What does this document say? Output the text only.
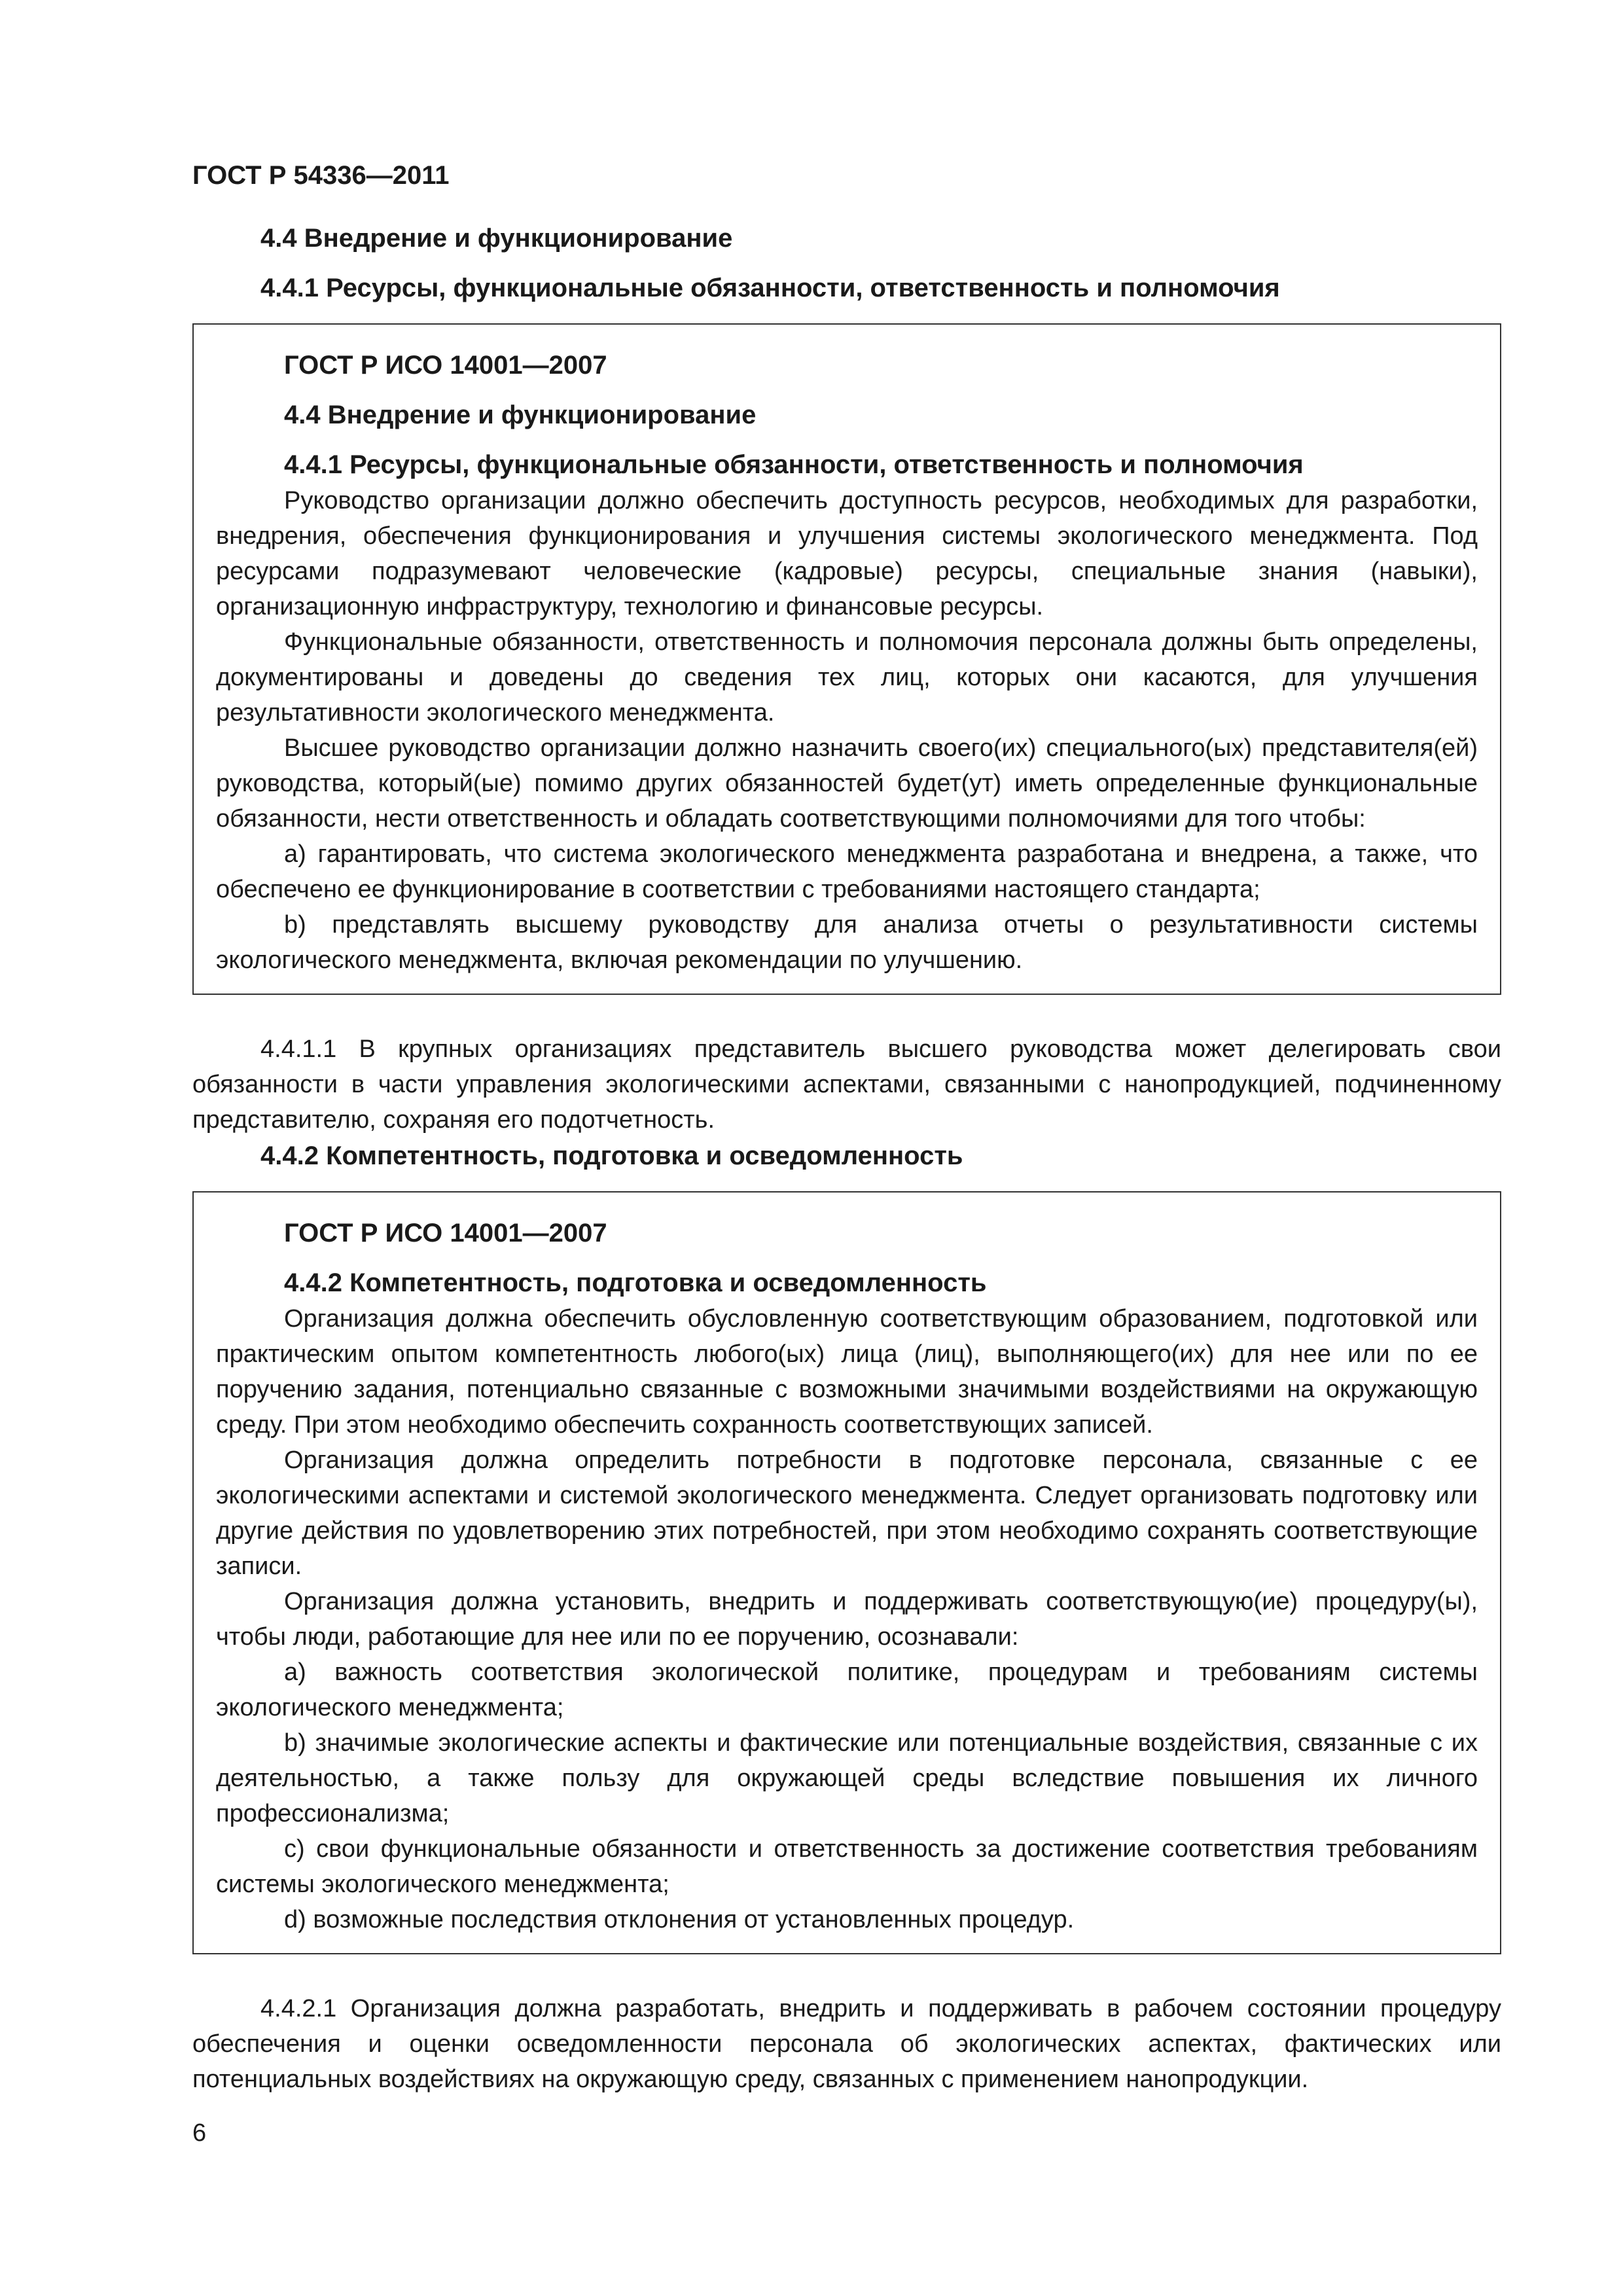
ГОСТ Р 54336—2011
4.4 Внедрение и функционирование
4.4.1 Ресурсы, функциональные обязанности, ответственность и полномочия
ГОСТ Р ИСО 14001—2007
4.4 Внедрение и функционирование
4.4.1 Ресурсы, функциональные обязанности, ответственность и полномочия

Руководство организации должно обеспечить доступность ресурсов, необходимых для разработки, внедрения, обеспечения функционирования и улучшения системы экологического менеджмента. Под ресурсами подразумевают человеческие (кадровые) ресурсы, специальные знания (навыки), организационную инфраструктуру, технологию и финансовые ресурсы.

Функциональные обязанности, ответственность и полномочия персонала должны быть определены, документированы и доведены до сведения тех лиц, которых они касаются, для улучшения результативности экологического менеджмента.

Высшее руководство организации должно назначить своего(их) специального(ых) представителя(ей) руководства, который(ые) помимо других обязанностей будет(ут) иметь определенные функциональные обязанности, нести ответственность и обладать соответствующими полномочиями для того чтобы:

a) гарантировать, что система экологического менеджмента разработана и внедрена, а также, что обеспечено ее функционирование в соответствии с требованиями настоящего стандарта;

b) представлять высшему руководству для анализа отчеты о результативности системы экологического менеджмента, включая рекомендации по улучшению.

4.4.1.1 В крупных организациях представитель высшего руководства может делегировать свои обязанности в части управления экологическими аспектами, связанными с нанопродукцией, подчиненному представителю, сохраняя его подотчетность.

4.4.2 Компетентность, подготовка и осведомленность
ГОСТ Р ИСО 14001—2007
4.4.2 Компетентность, подготовка и осведомленность

Организация должна обеспечить обусловленную соответствующим образованием, подготовкой или практическим опытом компетентность любого(ых) лица (лиц), выполняющего(их) для нее или по ее поручению задания, потенциально связанные с возможными значимыми воздействиями на окружающую среду. При этом необходимо обеспечить сохранность соответствующих записей.

Организация должна определить потребности в подготовке персонала, связанные с ее экологическими аспектами и системой экологического менеджмента. Следует организовать подготовку или другие действия по удовлетворению этих потребностей, при этом необходимо сохранять соответствующие записи.

Организация должна установить, внедрить и поддерживать соответствующую(ие) процедуру(ы), чтобы люди, работающие для нее или по ее поручению, осознавали:

a) важность соответствия экологической политике, процедурам и требованиям системы экологического менеджмента;

b) значимые экологические аспекты и фактические или потенциальные воздействия, связанные с их деятельностью, а также пользу для окружающей среды вследствие повышения их личного профессионализма;

c) свои функциональные обязанности и ответственность за достижение соответствия требованиям системы экологического менеджмента;

d) возможные последствия отклонения от установленных процедур.

4.4.2.1 Организация должна разработать, внедрить и поддерживать в рабочем состоянии процедуру обеспечения и оценки осведомленности персонала об экологических аспектах, фактических или потенциальных воздействиях на окружающую среду, связанных с применением нанопродукции.

6
